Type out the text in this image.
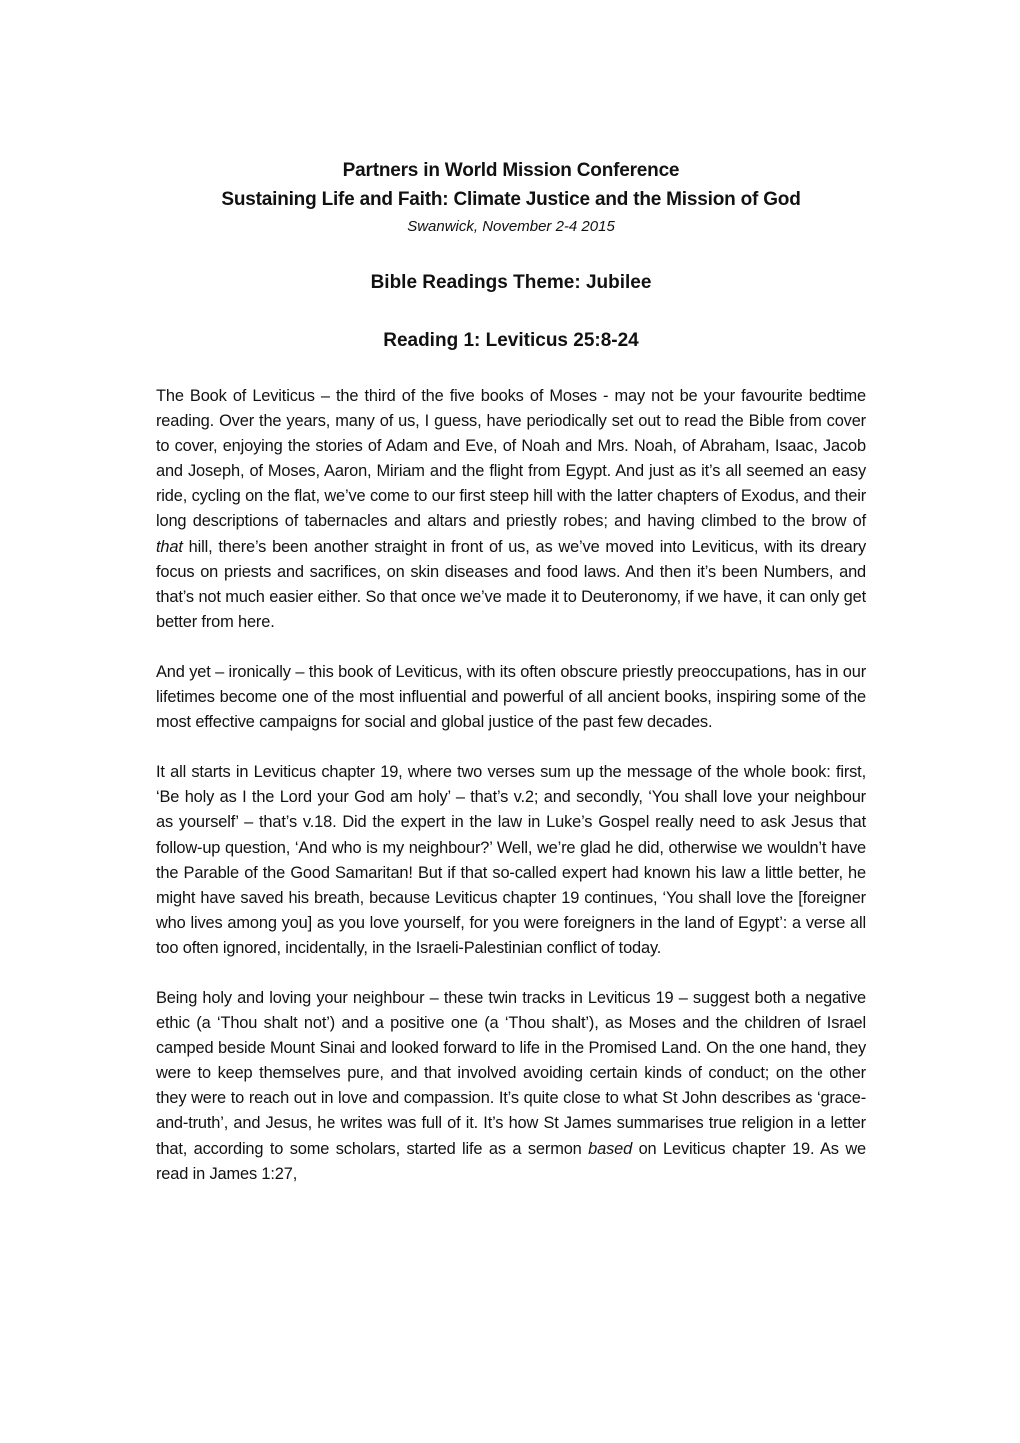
Partners in World Mission Conference
Sustaining Life and Faith: Climate Justice and the Mission of God
Swanwick, November 2-4 2015
Bible Readings Theme: Jubilee
Reading 1: Leviticus 25:8-24

The Book of Leviticus – the third of the five books of Moses - may not be your favourite bedtime reading. Over the years, many of us, I guess, have periodically set out to read the Bible from cover to cover, enjoying the stories of Adam and Eve, of Noah and Mrs. Noah, of Abraham, Isaac, Jacob and Joseph, of Moses, Aaron, Miriam and the flight from Egypt. And just as it’s all seemed an easy ride, cycling on the flat, we’ve come to our first steep hill with the latter chapters of Exodus, and their long descriptions of tabernacles and altars and priestly robes; and having climbed to the brow of that hill, there’s been another straight in front of us, as we’ve moved into Leviticus, with its dreary focus on priests and sacrifices, on skin diseases and food laws. And then it’s been Numbers, and that’s not much easier either. So that once we’ve made it to Deuteronomy, if we have, it can only get better from here.

And yet – ironically – this book of Leviticus, with its often obscure priestly preoccupations, has in our lifetimes become one of the most influential and powerful of all ancient books, inspiring some of the most effective campaigns for social and global justice of the past few decades.

It all starts in Leviticus chapter 19, where two verses sum up the message of the whole book: first, ‘Be holy as I the Lord your God am holy’ – that’s v.2; and secondly, ‘You shall love your neighbour as yourself’ – that’s v.18. Did the expert in the law in Luke’s Gospel really need to ask Jesus that follow-up question, ‘And who is my neighbour?’ Well, we’re glad he did, otherwise we wouldn’t have the Parable of the Good Samaritan! But if that so-called expert had known his law a little better, he might have saved his breath, because Leviticus chapter 19 continues, ‘You shall love the [foreigner who lives among you] as you love yourself, for you were foreigners in the land of Egypt’: a verse all too often ignored, incidentally, in the Israeli-Palestinian conflict of today.

Being holy and loving your neighbour – these twin tracks in Leviticus 19 – suggest both a negative ethic (a ‘Thou shalt not’) and a positive one (a ‘Thou shalt’), as Moses and the children of Israel camped beside Mount Sinai and looked forward to life in the Promised Land. On the one hand, they were to keep themselves pure, and that involved avoiding certain kinds of conduct; on the other they were to reach out in love and compassion. It’s quite close to what St John describes as ‘grace-and-truth’, and Jesus, he writes was full of it. It’s how St James summarises true religion in a letter that, according to some scholars, started life as a sermon based on Leviticus chapter 19. As we read in James 1:27,
